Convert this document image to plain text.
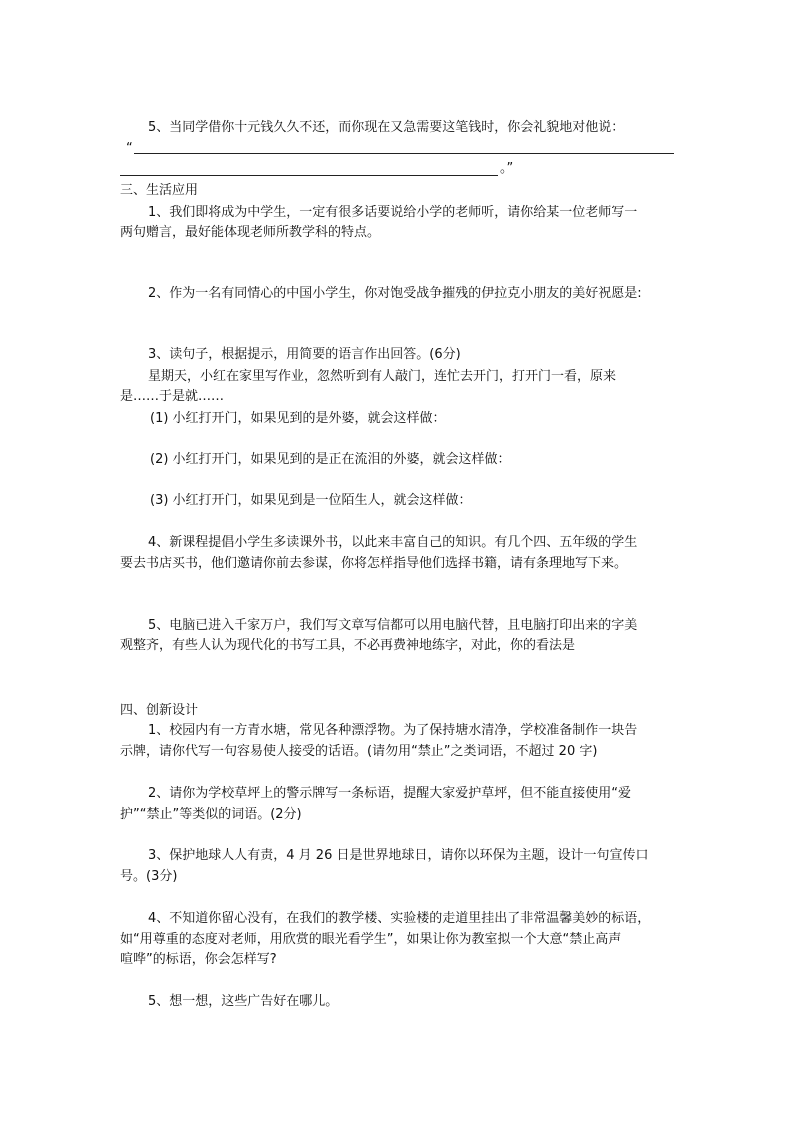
5、当同学借你十元钱久久不还，而你现在又急需要这笔钱时，你会礼貌地对他说：
“
。”
三、生活应用
1、我们即将成为中学生，一定有很多话要说给小学的老师听，请你给某一位老师写一
两句赠言，最好能体现老师所教学科的特点。
2、作为一名有同情心的中国小学生，你对饱受战争摧残的伊拉克小朋友的美好祝愿是:
3、读句子，根据提示，用简要的语言作出回答。(6分)
星期天，小红在家里写作业，忽然听到有人敲门，连忙去开门，打开门一看，原来
是……于是就……
(1) 小红打开门，如果见到的是外婆，就会这样做：
(2) 小红打开门，如果见到的是正在流泪的外婆，就会这样做：
(3) 小红打开门，如果见到是一位陌生人，就会这样做：
4、新课程提倡小学生多读课外书，以此来丰富自己的知识。有几个四、五年级的学生
要去书店买书，他们邀请你前去参谋，你将怎样指导他们选择书籍，请有条理地写下来。
5、电脑已进入千家万户，我们写文章写信都可以用电脑代替，且电脑打印出来的字美
观整齐，有些人认为现代化的书写工具，不必再费神地练字，对此，你的看法是
四、创新设计
1、校园内有一方青水塘，常见各种漂浮物。为了保持塘水清净，学校准备制作一块告
示牌，请你代写一句容易使人接受的话语。(请勿用“禁止”之类词语，不超过 20 字)
2、请你为学校草坪上的警示牌写一条标语，提醒大家爱护草坪，但不能直接使用“爱
护”“禁止”等类似的词语。(2分)
3、保护地球人人有责，4 月 26 日是世界地球日，请你以环保为主题，设计一句宣传口
号。(3分)
4、不知道你留心没有，在我们的教学楼、实验楼的走道里挂出了非常温馨美妙的标语，
如“用尊重的态度对老师，用欣赏的眼光看学生”，如果让你为教室拟一个大意“禁止高声
喧哗”的标语，你会怎样写?
5、想一想，这些广告好在哪儿。
